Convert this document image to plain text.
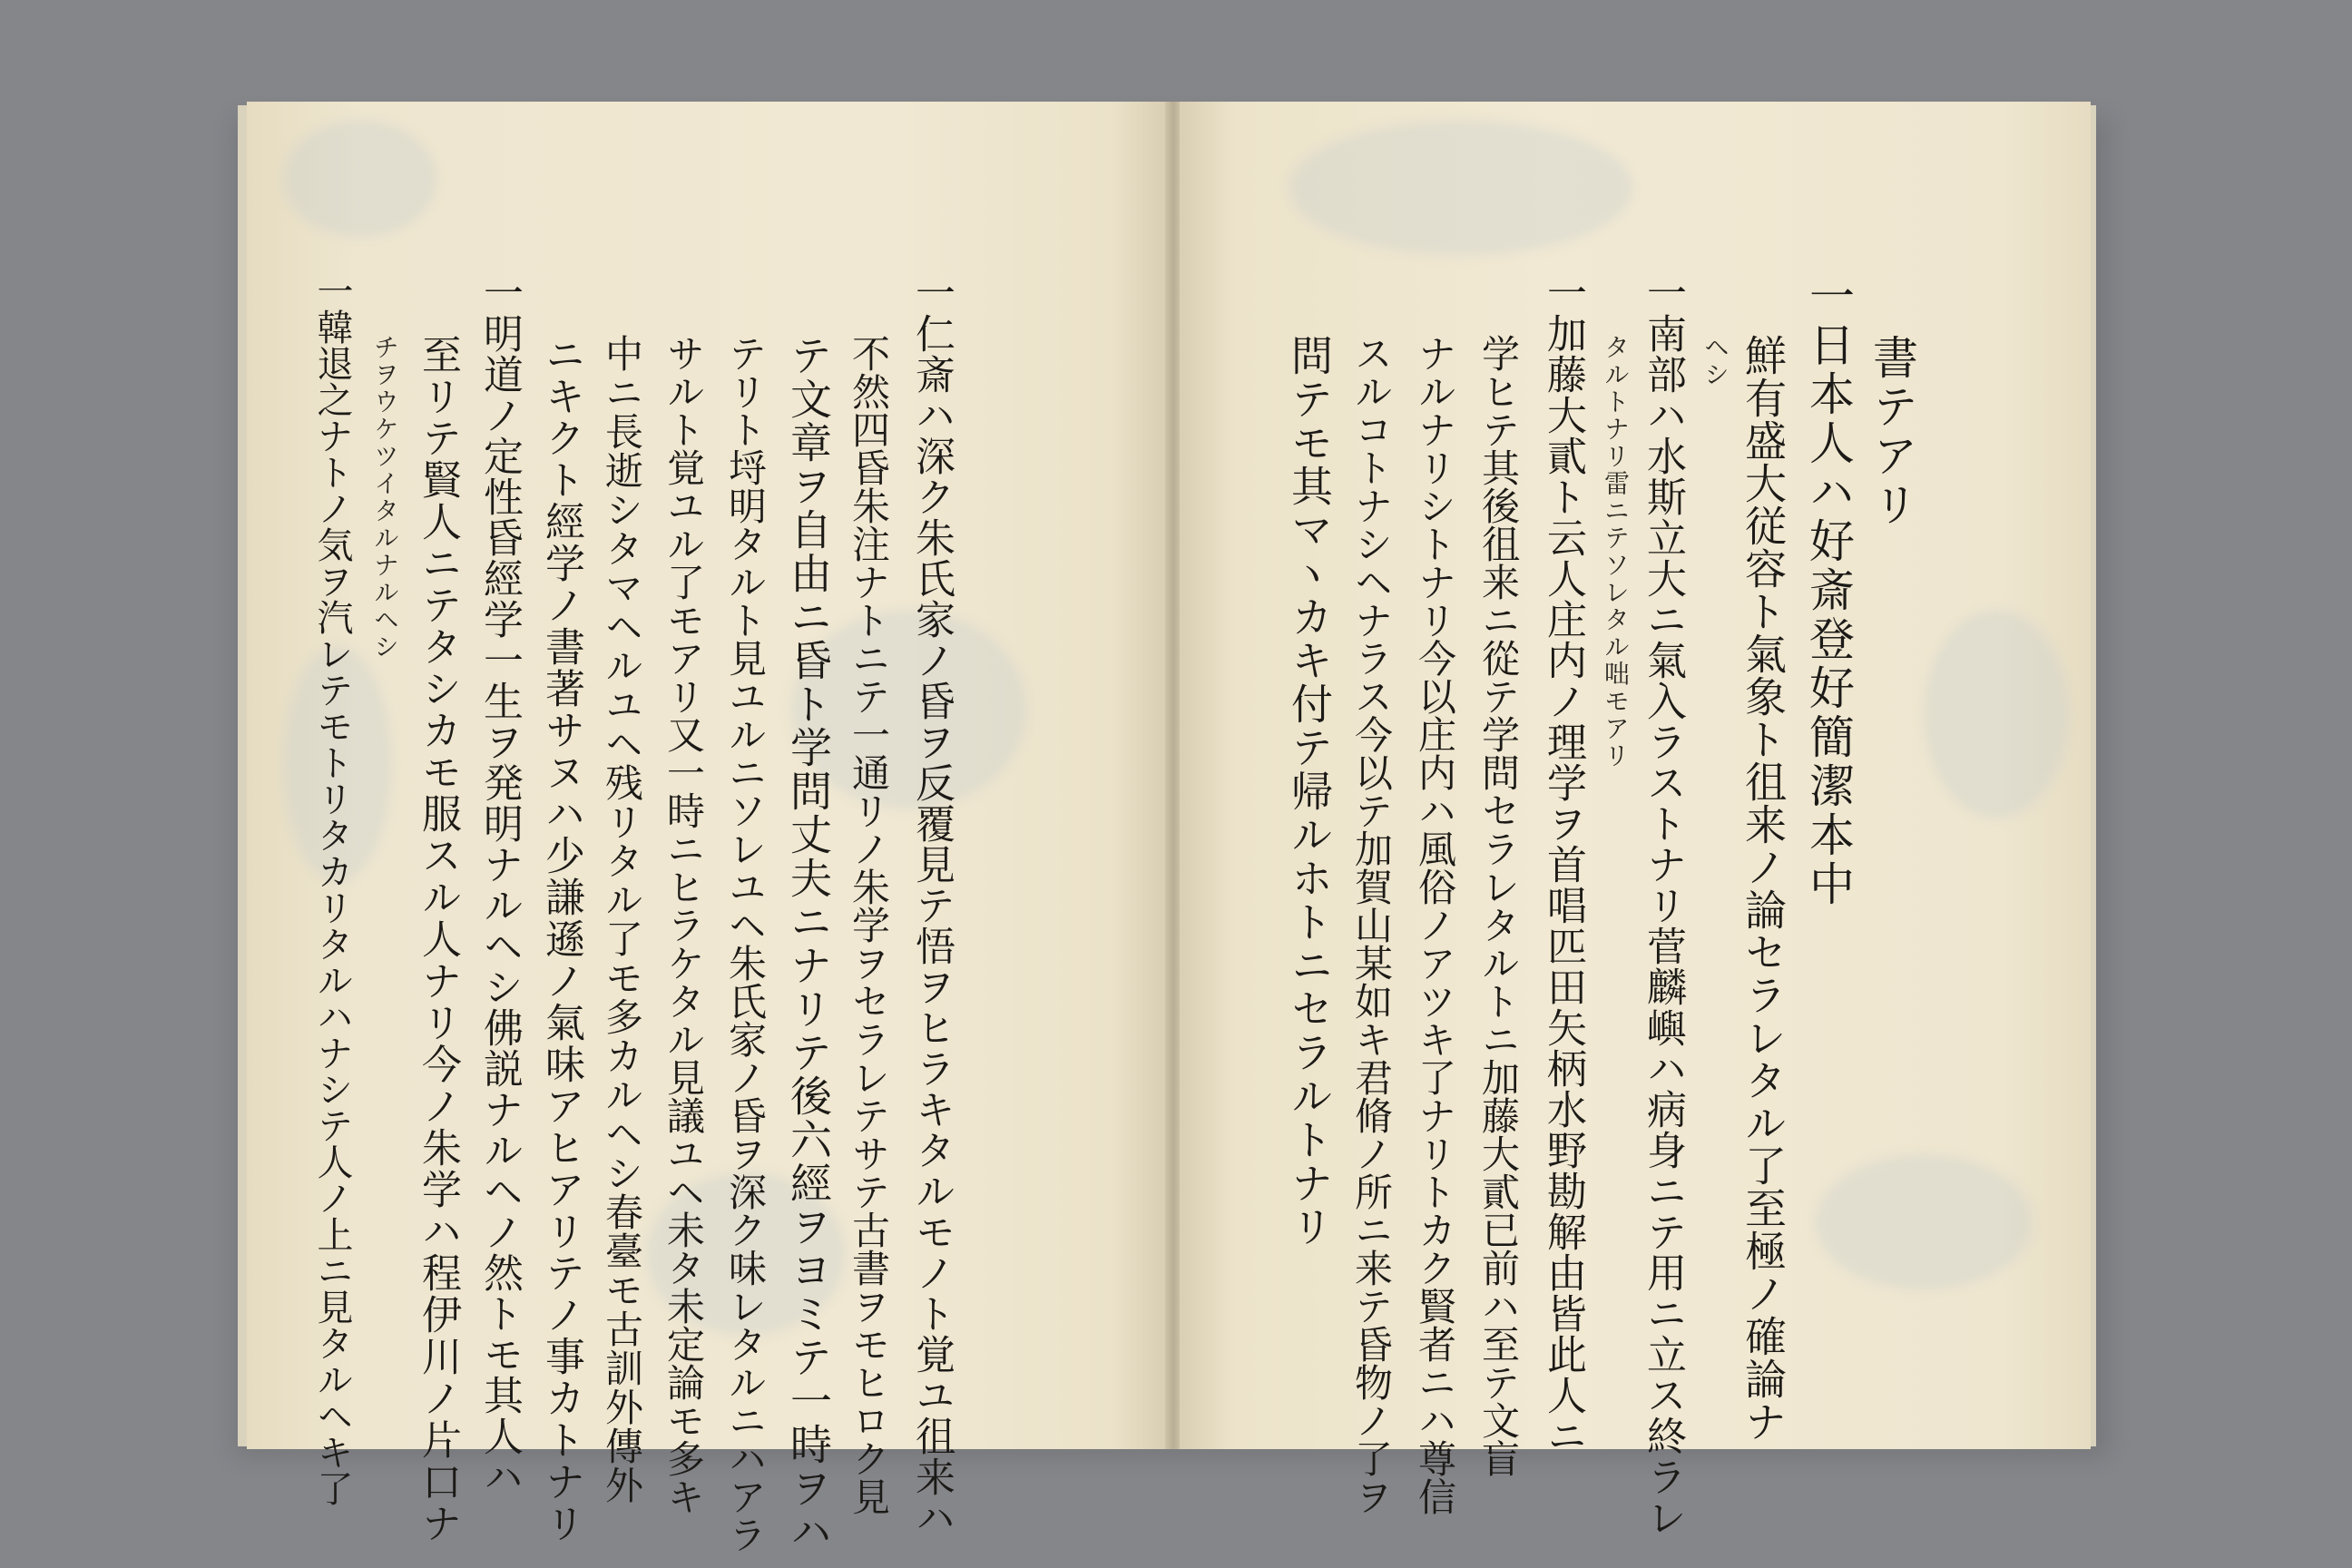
書テアリ
一日本人ハ好斎登好簡潔本中
鮮有盛大従容ト氣象ト徂来ノ論セラレタル了至極ノ確論ナ
ヘシ
一南部ハ水斯立大ニ氣入ラストナリ菅麟嶼ハ病身ニテ用ニ立ス終ラレ
タルトナリ雷ニテソレタル咄モアリ
一加藤大貳ト云人庄内ノ理学ヲ首唱匹田矢柄水野勘解由皆此人ニ
学ヒテ其後徂来ニ從テ学問セラレタルトニ加藤大貳已前ハ至テ文盲
ナルナリシトナリ今以庄内ハ風俗ノアツキ了ナリトカク賢者ニハ尊信
スルコトナシヘナラス今以テ加賀山某如キ君脩ノ所ニ来テ昏物ノ了ヲ
問テモ其マヽカキ付テ帰ルホトニセラルトナリ
一仁斎ハ深ク朱氏家ノ昏ヲ反覆見テ悟ヲヒラキタルモノト覚ユ徂来ハ
不然四昏朱注ナトニテ一通リノ朱学ヲセラレテサテ古書ヲモヒロク見
テ文章ヲ自由ニ昏ト学問丈夫ニナリテ後六經ヲヨミテ一時ヲハ
テリト埒明タルト見ユルニソレユヘ朱氏家ノ昏ヲ深ク味レタルニハアラ
サルト覚ユル了モアリ又一時ニヒラケタル見議ユヘ未タ未定論モ多キ
中ニ長逝シタマヘルユヘ残リタル了モ多カルヘシ春臺モ古訓外傳外
ニキクト經学ノ書著サヌハ少謙遜ノ氣味アヒアリテノ事カトナリ
一明道ノ定性昏經学一生ヲ発明ナルヘシ佛説ナルヘノ然トモ其人ハ
至リテ賢人ニテタシカモ服スル人ナリ今ノ朱学ハ程伊川ノ片口ナ
チヲウケツイタルナルヘシ
一韓退之ナトノ気ヲ汽レテモトリタカリタルハナシテ人ノ上ニ見タルヘキ了
